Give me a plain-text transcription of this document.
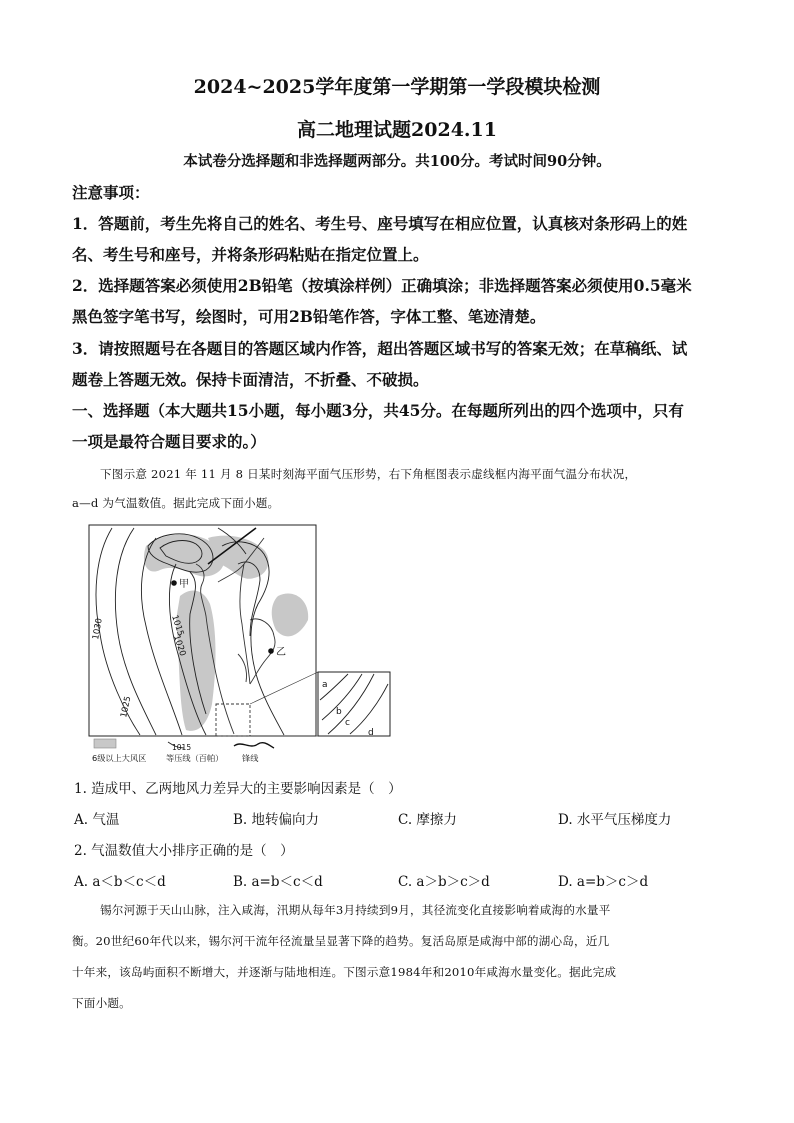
2024~2025学年度第一学期第一学段模块检测
高二地理试题2024.11
本试卷分选择题和非选择题两部分。共100分。考试时间90分钟。
注意事项：
1．答题前，考生先将自己的姓名、考生号、座号填写在相应位置，认真核对条形码上的姓
名、考生号和座号，并将条形码粘贴在指定位置上。
2．选择题答案必须使用2B铅笔（按填涂样例）正确填涂；非选择题答案必须使用0.5毫米
黑色签字笔书写，绘图时，可用2B铅笔作答，字体工整、笔迹清楚。
3．请按照题号在各题目的答题区域内作答，超出答题区域书写的答案无效；在草稿纸、试
题卷上答题无效。保持卡面清洁，不折叠、不破损。
一、选择题（本大题共15小题，每小题3分，共45分。在每题所列出的四个选项中，只有
一项是最符合题目要求的。）
下图示意 2021 年 11 月 8 日某时刻海平面气压形势，右下角框图表示虚线框内海平面气温分布状况，
a—d 为气温数值。据此完成下面小题。
甲
乙
1015
1020
1025
1030
a
b
c
d
6级以上大风区
1015
等压线（百帕） 锋线
1. 造成甲、乙两地风力差异大的主要影响因素是（　）
A. 气温	B. 地转偏向力	C. 摩擦力	D. 水平气压梯度力
2. 气温数值大小排序正确的是（　）
A. a＜b＜c＜d	B. a=b＜c＜d	C. a＞b＞c＞d	D. a=b＞c＞d
锡尔河源于天山山脉，注入咸海，汛期从每年3月持续到9月，其径流变化直接影响着咸海的水量平
衡。20世纪60年代以来，锡尔河干流年径流量呈显著下降的趋势。复活岛原是咸海中部的湖心岛，近几
十年来，该岛屿面积不断增大，并逐渐与陆地相连。下图示意1984年和2010年咸海水量变化。据此完成
下面小题。
